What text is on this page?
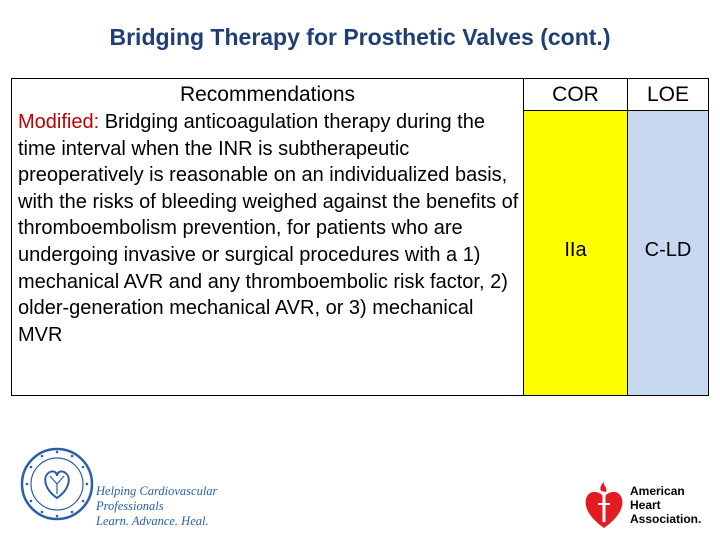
Bridging Therapy for Prosthetic Valves (cont.)
Recommendations
Modified: Bridging anticoagulation therapy during the time interval when the INR is subtherapeutic preoperatively is reasonable on an individualized basis, with the risks of bleeding weighed against the benefits of thromboembolism prevention, for patients who are undergoing invasive or surgical procedures with a 1) mechanical AVR and any thromboembolic risk factor, 2) older-generation mechanical AVR, or 3) mechanical MVR
COR
IIa
LOE
C-LD
Helping Cardiovascular Professionals
Learn. Advance. Heal.
American
Heart
Association.
